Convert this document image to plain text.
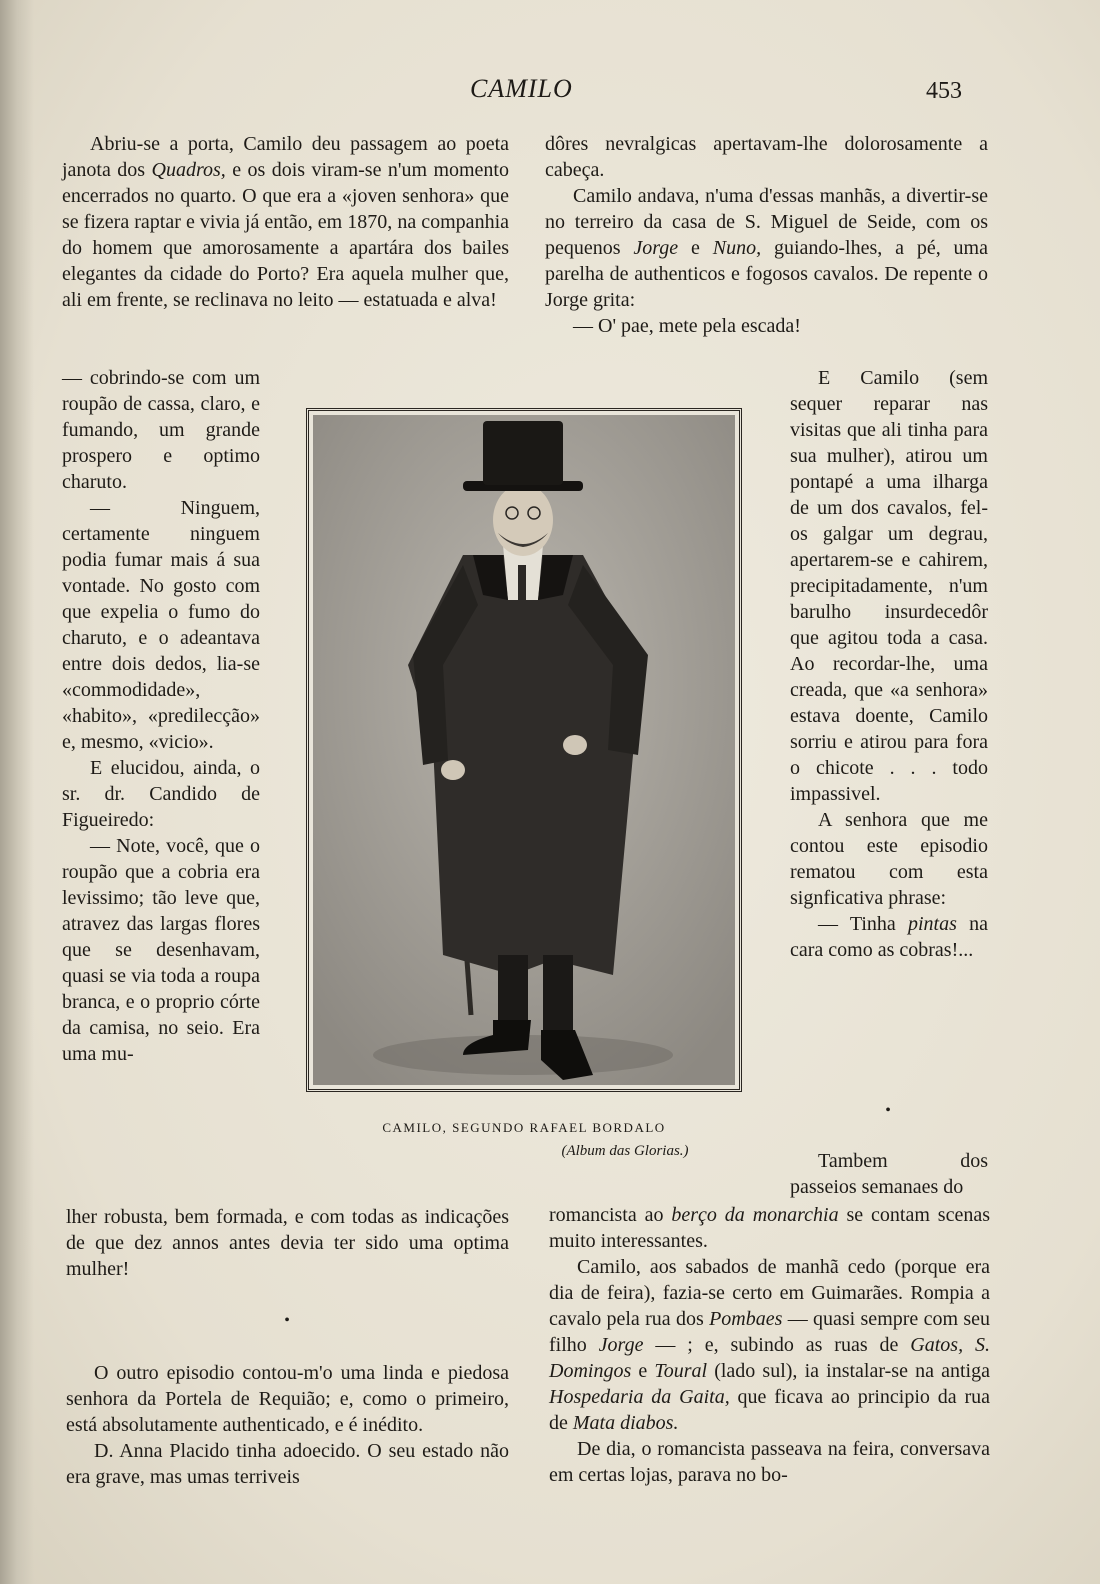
CAMILO	453

Abriu-se a porta, Camilo deu passagem ao poeta janota dos Quadros, e os dois viram-se n'um momento encerrados no quarto. O que era a «joven senhora» que se fizera raptar e vivia já então, em 1870, na companhia do homem que amorosamente a apartára dos bailes elegantes da cidade do Porto? Era aquela mulher que, ali em frente, se reclinava no leito — estatuada e alva!

— cobrindo-se com um roupão de cassa, claro, e fumando, um grande prospero e optimo charuto.

— Ninguem, certamente ninguem podia fumar mais á sua vontade. No gosto com que expelia o fumo do charuto, e o adeantava entre dois dedos, lia-se «commodidade», «habito», «predilecção» e, mesmo, «vicio».

E elucidou, ainda, o sr. dr. Candido de Figueiredo:

— Note, você, que o roupão que a cobria era levissimo; tão leve que, atravez das largas flores que se desenhavam, quasi se via toda a roupa branca, e o proprio córte da camisa, no seio. Era uma mu-

lher robusta, bem formada, e com todas as indicações de que dez annos antes devia ter sido uma optima mulher!

•

O outro episodio contou-m'o uma linda e piedosa senhora da Portela de Requião; e, como o primeiro, está absolutamente authenticado, e é inédito.

D. Anna Placido tinha adoecido. O seu estado não era grave, mas umas terriveis

dôres nevralgicas apertavam-lhe dolorosamente a cabeça.

Camilo andava, n'uma d'essas manhãs, a divertir-se no terreiro da casa de S. Miguel de Seide, com os pequenos Jorge e Nuno, guiando-lhes, a pé, uma parelha de authenticos e fogosos cavalos. De repente o Jorge grita:

— O' pae, mete pela escada!

E Camilo (sem sequer reparar nas visitas que ali tinha para sua mulher), atirou um pontapé a uma ilharga de um dos cavalos, fel-os galgar um degrau, apertarem-se e cahirem, precipitadamente, n'um barulho insurdecedôr que agitou toda a casa. Ao recordar-lhe, uma creada, que «a senhora» estava doente, Camilo sorriu e atirou para fora o chicote . . . todo impassivel.

A senhora que me contou este episodio rematou com esta signficativa phrase:

— Tinha pintas na cara como as cobras!...

•

Tambem dos passeios semanaes do

romancista ao berço da monarchia se contam scenas muito interessantes.

Camilo, aos sabados de manhã cedo (porque era dia de feira), fazia-se certo em Guimarães. Rompia a cavalo pela rua dos Pombaes — quasi sempre com seu filho Jorge — ; e, subindo as ruas de Gatos, S. Domingos e Toural (lado sul), ia instalar-se na antiga Hospedaria da Gaita, que ficava ao principio da rua de Mata diabos.

De dia, o romancista passeava na feira, conversava em certas lojas, parava no bo-

CAMILO, SEGUNDO RAFAEL BORDALO
(Album das Glorias.)
